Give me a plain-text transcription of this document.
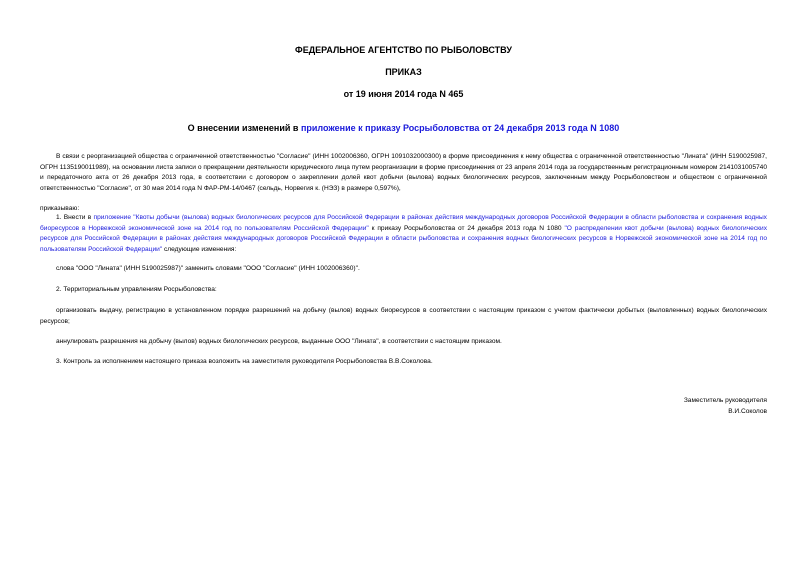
ФЕДЕРАЛЬНОЕ АГЕНТСТВО ПО РЫБОЛОВСТВУ
ПРИКАЗ
от 19 июня 2014 года N 465
О внесении изменений в приложение к приказу Росрыболовства от 24 декабря 2013 года N 1080
В связи с реорганизацией общества с ограниченной ответственностью "Согласие" (ИНН 1002006360, ОГРН 1091032000300) в форме присоединения к нему общества с ограниченной ответственностью "Лината" (ИНН 5190025987, ОГРН 1135190011989), на основании листа записи о прекращении деятельности юридического лица путем реорганизации в форме присоединения от 23 апреля 2014 года за государственным регистрационным номером 2141031005740 и передаточного акта от 26 декабря 2013 года, в соответствии с договором о закреплении долей квот добычи (вылова) водных биологических ресурсов, заключенным между Росрыболовством и обществом с ограниченной ответственностью "Согласие", от 30 мая 2014 года N ФАР-РМ-14/0467 (сельдь, Норвегия к. (НЭЗ) в размере 0,597%),
приказываю:
1. Внести в приложение "Квоты добычи (вылова) водных биологических ресурсов для Российской Федерации в районах действия международных договоров Российской Федерации в области рыболовства и сохранения водных биоресурсов в Норвежской экономической зоне на 2014 год по пользователям Российской Федерации" к приказу Росрыболовства от 24 декабря 2013 года N 1080 "О распределении квот добычи (вылова) водных биологических ресурсов для Российской Федерации в районах действия международных договоров Российской Федерации в области рыболовства и сохранения водных биологических ресурсов в Норвежской экономической зоне на 2014 год по пользователям Российской Федерации" следующие изменения:
слова "ООО "Лината" (ИНН 5190025987)" заменить словами "ООО "Согласие" (ИНН 1002006360)".
2. Территориальным управлениям Росрыболовства:
организовать выдачу, регистрацию в установленном порядке разрешений на добычу (вылов) водных биоресурсов в соответствии с настоящим приказом с учетом фактически добытых (выловленных) водных биологических ресурсов;
аннулировать разрешения на добычу (вылов) водных биологических ресурсов, выданные ООО "Лината", в соответствии с настоящим приказом.
3. Контроль за исполнением настоящего приказа возложить на заместителя руководителя Росрыболовства В.В.Соколова.
Заместитель руководителя
В.И.Соколов
